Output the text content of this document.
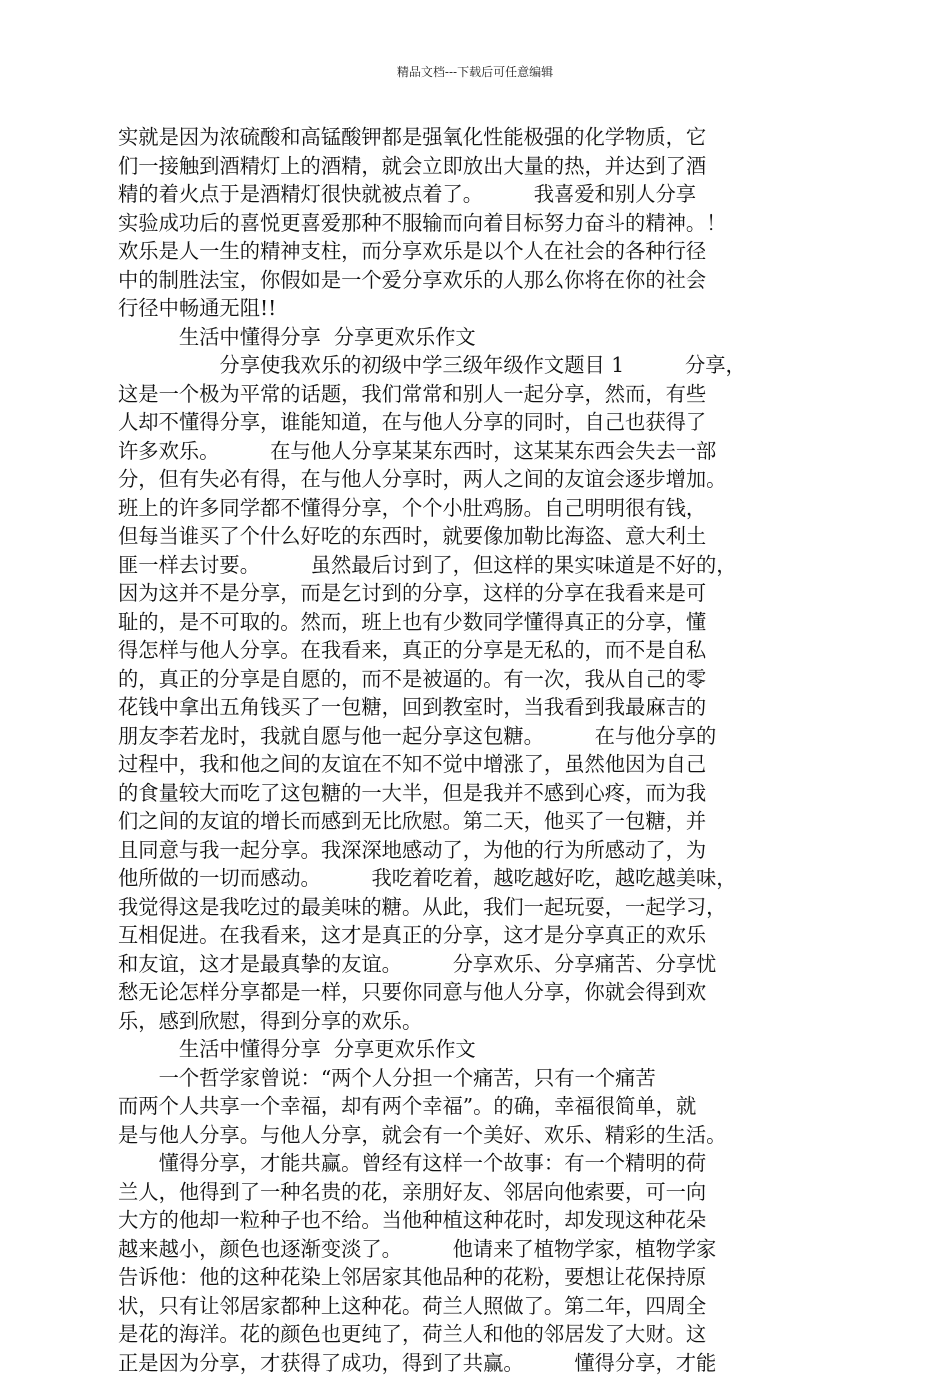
精品文档---下载后可任意编辑
实就是因为浓硫酸和高锰酸钾都是强氧化性能极强的化学物质，它
们一接触到酒精灯上的酒精，就会立即放出大量的热，并达到了酒
精的着火点于是酒精灯很快就被点着了。　　　我喜爱和别人分享
实验成功后的喜悦更喜爱那种不服输而向着目标努力奋斗的精神。！
欢乐是人一生的精神支柱，而分享欢乐是以个人在社会的各种行径
中的制胜法宝，你假如是一个爱分享欢乐的人那么你将在你的社会
行径中畅通无阻!!
　　　生活中懂得分享  分享更欢乐作文
　　　　　分享使我欢乐的初级中学三级年级作文题目 1　　　分享，
这是一个极为平常的话题，我们常常和别人一起分享，然而，有些
人却不懂得分享，谁能知道，在与他人分享的同时，自己也获得了
许多欢乐。　　　在与他人分享某某东西时，这某某东西会失去一部
分，但有失必有得，在与他人分享时，两人之间的友谊会逐步增加。
班上的许多同学都不懂得分享，个个小肚鸡肠。自己明明很有钱，
但每当谁买了个什么好吃的东西时，就要像加勒比海盗、意大利土
匪一样去讨要。　　　虽然最后讨到了，但这样的果实味道是不好的，
因为这并不是分享，而是乞讨到的分享，这样的分享在我看来是可
耻的，是不可取的。然而，班上也有少数同学懂得真正的分享，懂
得怎样与他人分享。在我看来，真正的分享是无私的，而不是自私
的，真正的分享是自愿的，而不是被逼的。有一次，我从自己的零
花钱中拿出五角钱买了一包糖，回到教室时，当我看到我最麻吉的
朋友李若龙时，我就自愿与他一起分享这包糖。　　　在与他分享的
过程中，我和他之间的友谊在不知不觉中增涨了，虽然他因为自己
的食量较大而吃了这包糖的一大半，但是我并不感到心疼，而为我
们之间的友谊的增长而感到无比欣慰。第二天，他买了一包糖，并
且同意与我一起分享。我深深地感动了，为他的行为所感动了，为
他所做的一切而感动。　　　我吃着吃着，越吃越好吃，越吃越美味，
我觉得这是我吃过的最美味的糖。从此，我们一起玩耍，一起学习，
互相促进。在我看来，这才是真正的分享，这才是分享真正的欢乐
和友谊，这才是最真挚的友谊。　　　分享欢乐、分享痛苦、分享忧
愁无论怎样分享都是一样，只要你同意与他人分享，你就会得到欢
乐，感到欣慰，得到分享的欢乐。
　　　生活中懂得分享  分享更欢乐作文
　　一个哲学家曾说：“两个人分担一个痛苦，只有一个痛苦
而两个人共享一个幸福，却有两个幸福”。的确，幸福很简单，就
是与他人分享。与他人分享，就会有一个美好、欢乐、精彩的生活。
　　懂得分享，才能共赢。曾经有这样一个故事：有一个精明的荷
兰人，他得到了一种名贵的花，亲朋好友、邻居向他索要，可一向
大方的他却一粒种子也不给。当他种植这种花时，却发现这种花朵
越来越小，颜色也逐渐变淡了。　　　他请来了植物学家，植物学家
告诉他：他的这种花染上邻居家其他品种的花粉，要想让花保持原
状，只有让邻居家都种上这种花。荷兰人照做了。第二年，四周全
是花的海洋。花的颜色也更纯了，荷兰人和他的邻居发了大财。这
正是因为分享，才获得了成功，得到了共赢。　　　懂得分享，才能
